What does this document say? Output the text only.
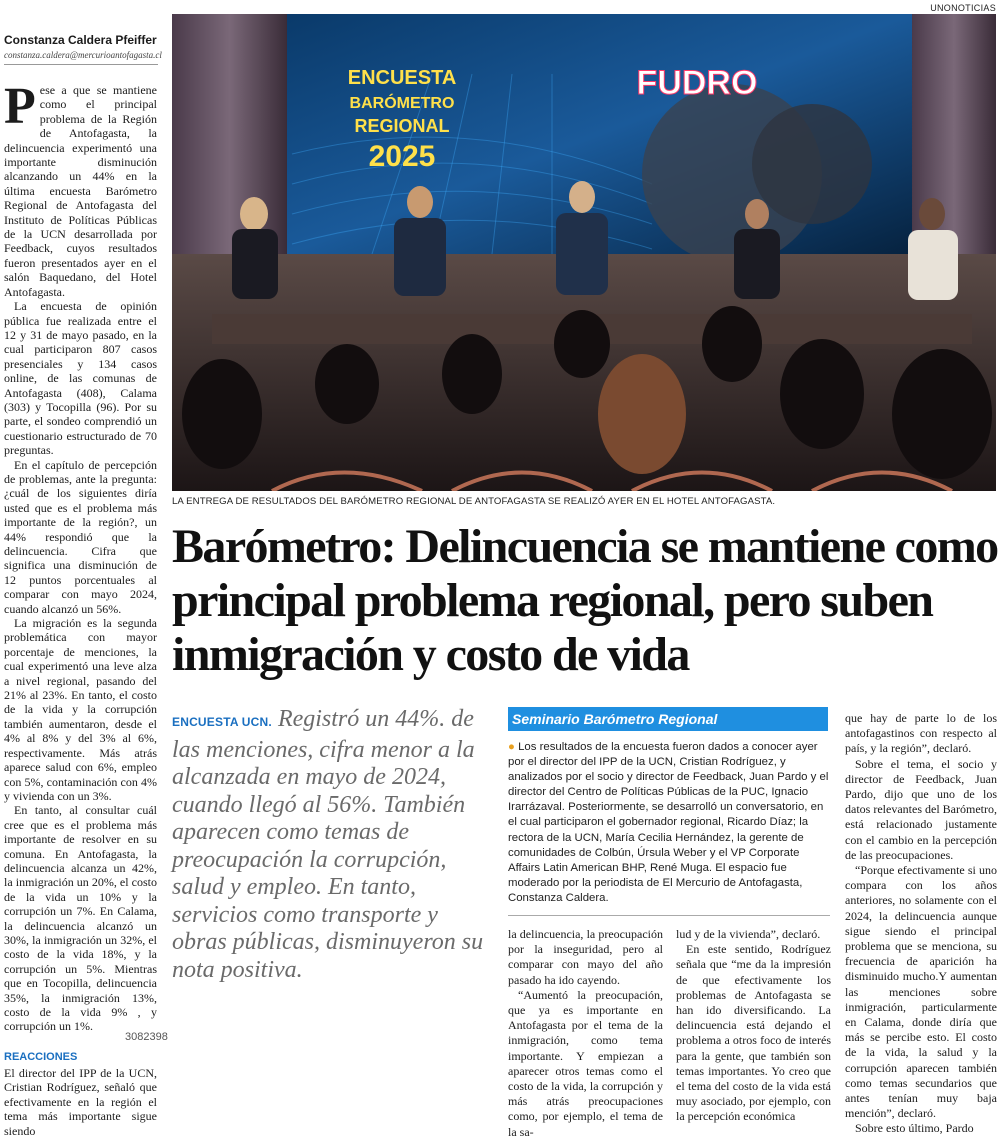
Constanza Caldera Pfeiffer
constanza.caldera@mercurioantofagasta.cl

Pese a que se mantiene como el principal problema de la Región de Antofagasta, la delincuencia experimentó una importante disminución alcanzando un 44% en la última encuesta Barómetro Regional de Antofagasta del Instituto de Políticas Públicas de la UCN desarrollada por Feedback, cuyos resultados fueron presentados ayer en el salón Baquedano, del Hotel Antofagasta.

La encuesta de opinión pública fue realizada entre el 12 y 31 de mayo pasado, en la cual participaron 807 casos presenciales y 134 casos online, de las comunas de Antofagasta (408), Calama (303) y Tocopilla (96). Por su parte, el sondeo comprendió un cuestionario estructurado de 70 preguntas.

En el capítulo de percepción de problemas, ante la pregunta: ¿cuál de los siguientes diría usted que es el problema más importante de la región?, un 44% respondió que la delincuencia. Cifra que significa una disminución de 12 puntos porcentuales al comparar con mayo 2024, cuando alcanzó un 56%.

La migración es la segunda problemática con mayor porcentaje de menciones, la cual experimentó una leve alza a nivel regional, pasando del 21% al 23%. En tanto, el costo de la vida y la corrupción también aumentaron, desde el 4% al 8% y del 3% al 6%, respectivamente. Más atrás aparece salud con 6%, empleo con 5%, contaminación con 4% y vivienda con un 3%.

En tanto, al consultar cuál cree que es el problema más importante de resolver en su comuna. En Antofagasta, la delincuencia alcanza un 42%, la inmigración un 20%, el costo de la vida un 10% y la corrupción un 7%. En Calama, la delincuencia alcanzó un 30%, la inmigración un 32%, el costo de la vida 18%, y la corrupción un 5%. Mientras que en Tocopilla, delincuencia 35%, la inmigración 13%, costo de la vida 9% , y corrupción un 1%.

3082398
REACCIONES

El director del IPP de la UCN, Cristian Rodríguez, señaló que efectivamente en la región el tema más importante sigue siendo

ENCUESTA
BARÓMETRO
REGIONAL
2025
FUDRO
UNONOTICIAS
LA ENTREGA DE RESULTADOS DEL BARÓMETRO REGIONAL DE ANTOFAGASTA SE REALIZÓ AYER EN EL HOTEL ANTOFAGASTA.
Barómetro: Delincuencia se mantiene como principal problema regional, pero suben inmigración y costo de vida
ENCUESTA UCN. Registró un 44%. de las menciones, cifra menor a la alcanzada en mayo de 2024, cuando llegó al 56%. También aparecen como temas de preocupación la corrupción, salud y empleo. En tanto, servicios como transporte y obras públicas, disminuyeron su nota positiva.
Seminario Barómetro Regional
● Los resultados de la encuesta fueron dados a conocer ayer por el director del IPP de la UCN, Cristian Rodríguez, y analizados por el socio y director de Feedback, Juan Pardo y el director del Centro de Políticas Públicas de la PUC, Ignacio Irarrázaval. Posteriormente, se desarrolló un conversatorio, en el cual participaron el gobernador regional, Ricardo Díaz; la rectora de la UCN, María Cecilia Hernández, la gerente de comunidades de Colbún, Úrsula Weber y el VP Corporate Affairs Latin American BHP, René Muga. El espacio fue moderado por la periodista de El Mercurio de Antofagasta, Constanza Caldera.

la delincuencia, la preocupación por la inseguridad, pero al comparar con mayo del año pasado ha ido cayendo.

“Aumentó la preocupación, que ya es importante en Antofagasta por el tema de la inmigración, como tema importante. Y empiezan a aparecer otros temas como el costo de la vida, la corrupción y más atrás preocupaciones como, por ejemplo, el tema de la sa-

lud y de la vivienda”, declaró.

En este sentido, Rodríguez señala que “me da la impresión de que efectivamente los problemas de Antofagasta se han ido diversificando. La delincuencia está dejando el problema a otros foco de interés para la gente, que también son temas importantes. Yo creo que el tema del costo de la vida está muy asociado, por ejemplo, con la percepción económica

que hay de parte lo de los antofagastinos con respecto al país, y la región”, declaró.

Sobre el tema, el socio y director de Feedback, Juan Pardo, dijo que uno de los datos relevantes del Barómetro, está relacionado justamente con el cambio en la percepción de las preocupaciones.

“Porque efectivamente si uno compara con los años anteriores, no solamente con el 2024, la delincuencia aunque sigue siendo el principal problema que se menciona, su frecuencia de aparición ha disminuido mucho.Y aumentan las menciones sobre inmigración, particularmente en Calama, donde diría que más se percibe esto. El costo de la vida, la salud y la corrupción aparecen también como temas secundarios que antes tenían muy baja mención”, declaró.

Sobre esto último, Pardo
